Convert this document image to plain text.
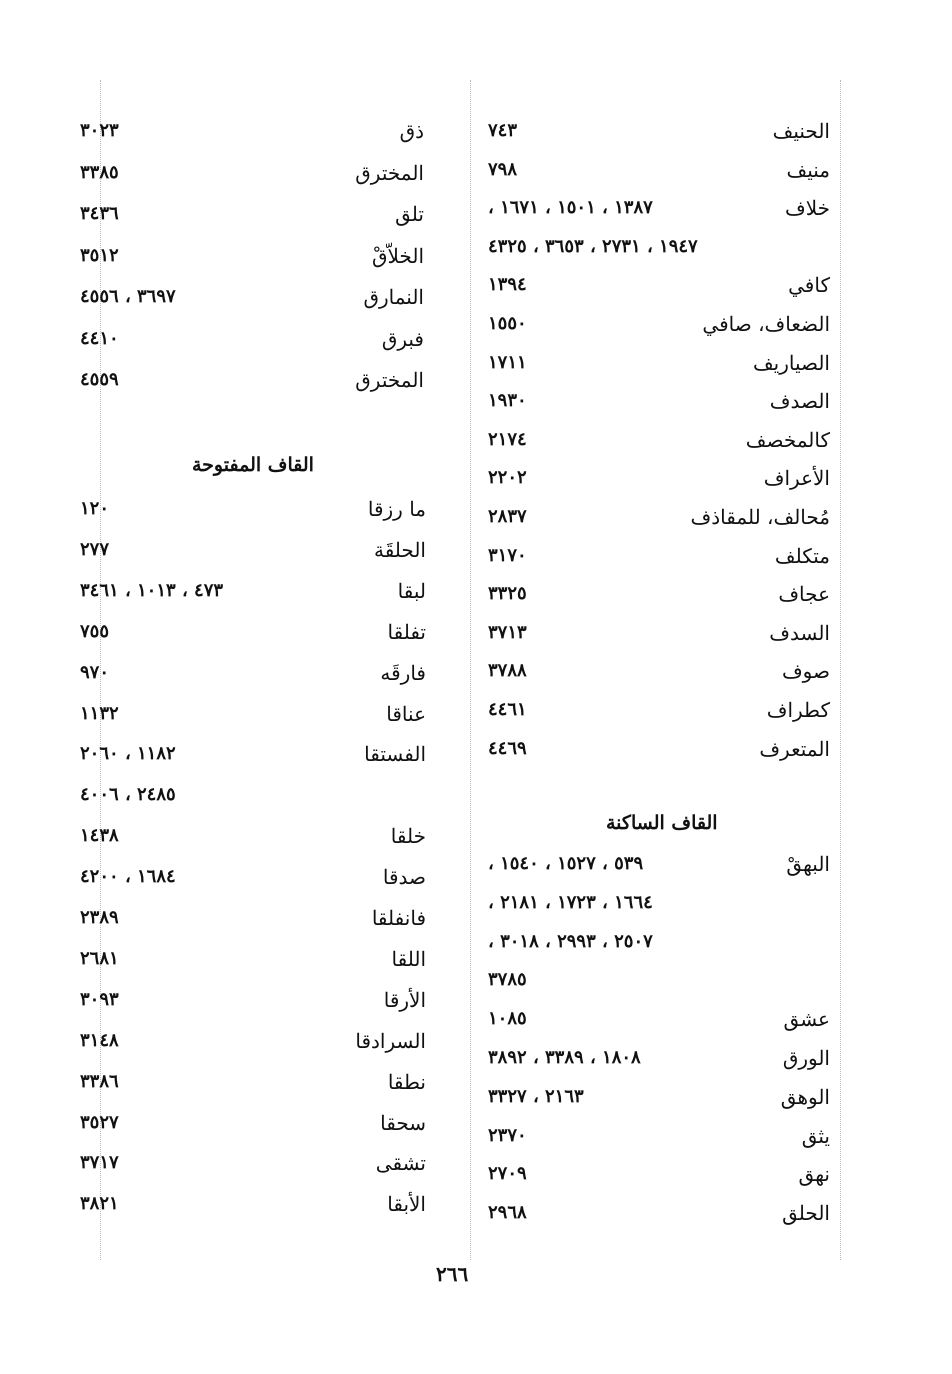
الحنيف
٧٤٣
منيف
٧٩٨
خلاف
١٣٨٧ ، ١٥٠١ ، ١٦٧١ ،
١٩٤٧ ، ٢٧٣١ ، ٣٦٥٣ ، ٤٣٢٥
كافي
١٣٩٤
الضعاف، صافي
١٥٥٠
الصياريف
١٧١١
الصدف
١٩٣٠
كالمخصف
٢١٧٤
الأعراف
٢٢٠٢
مُحالف، للمقاذف
٢٨٣٧
متكلف
٣١٧٠
عجاف
٣٣٢٥
السدف
٣٧١٣
صوف
٣٧٨٨
كطراف
٤٤٦١
المتعرف
٤٤٦٩
القاف الساكنة
البهقْ
٥٣٩ ، ١٥٢٧ ، ١٥٤٠ ،
١٦٦٤ ، ١٧٢٣ ، ٢١٨١ ،
٢٥٠٧ ، ٢٩٩٣ ، ٣٠١٨ ،
٣٧٨٥
عشق
١٠٨٥
الورق
١٨٠٨ ، ٣٣٨٩ ، ٣٨٩٢
الوهق
٢١٦٣ ، ٣٣٢٧
يثق
٢٣٧٠
نهق
٢٧٠٩
الحلق
٢٩٦٨
ذق
٣٠٢٣
المخترق
٣٣٨٥
تلق
٣٤٣٦
الخلاّقْ
٣٥١٢
النمارق
٣٦٩٧ ، ٤٥٥٦
فبرق
٤٤١٠
المخترق
٤٥٥٩
القاف المفتوحة
ما رزقا
١٢٠
الحلقَة
٢٧٧
لبقا
٤٧٣ ، ١٠١٣ ، ٣٤٦١
تفلقا
٧٥٥
فارقَه
٩٧٠
عناقا
١١٣٢
الفستقا
١١٨٢ ، ٢٠٦٠
٢٤٨٥ ، ٤٠٠٦
خلقا
١٤٣٨
صدقا
١٦٨٤ ، ٤٢٠٠
فانفلقا
٢٣٨٩
اللقا
٢٦٨١
الأرقا
٣٠٩٣
السرادقا
٣١٤٨
نطقا
٣٣٨٦
سحقا
٣٥٢٧
تشقى
٣٧١٧
الأبقا
٣٨٢١
٢٦٦
